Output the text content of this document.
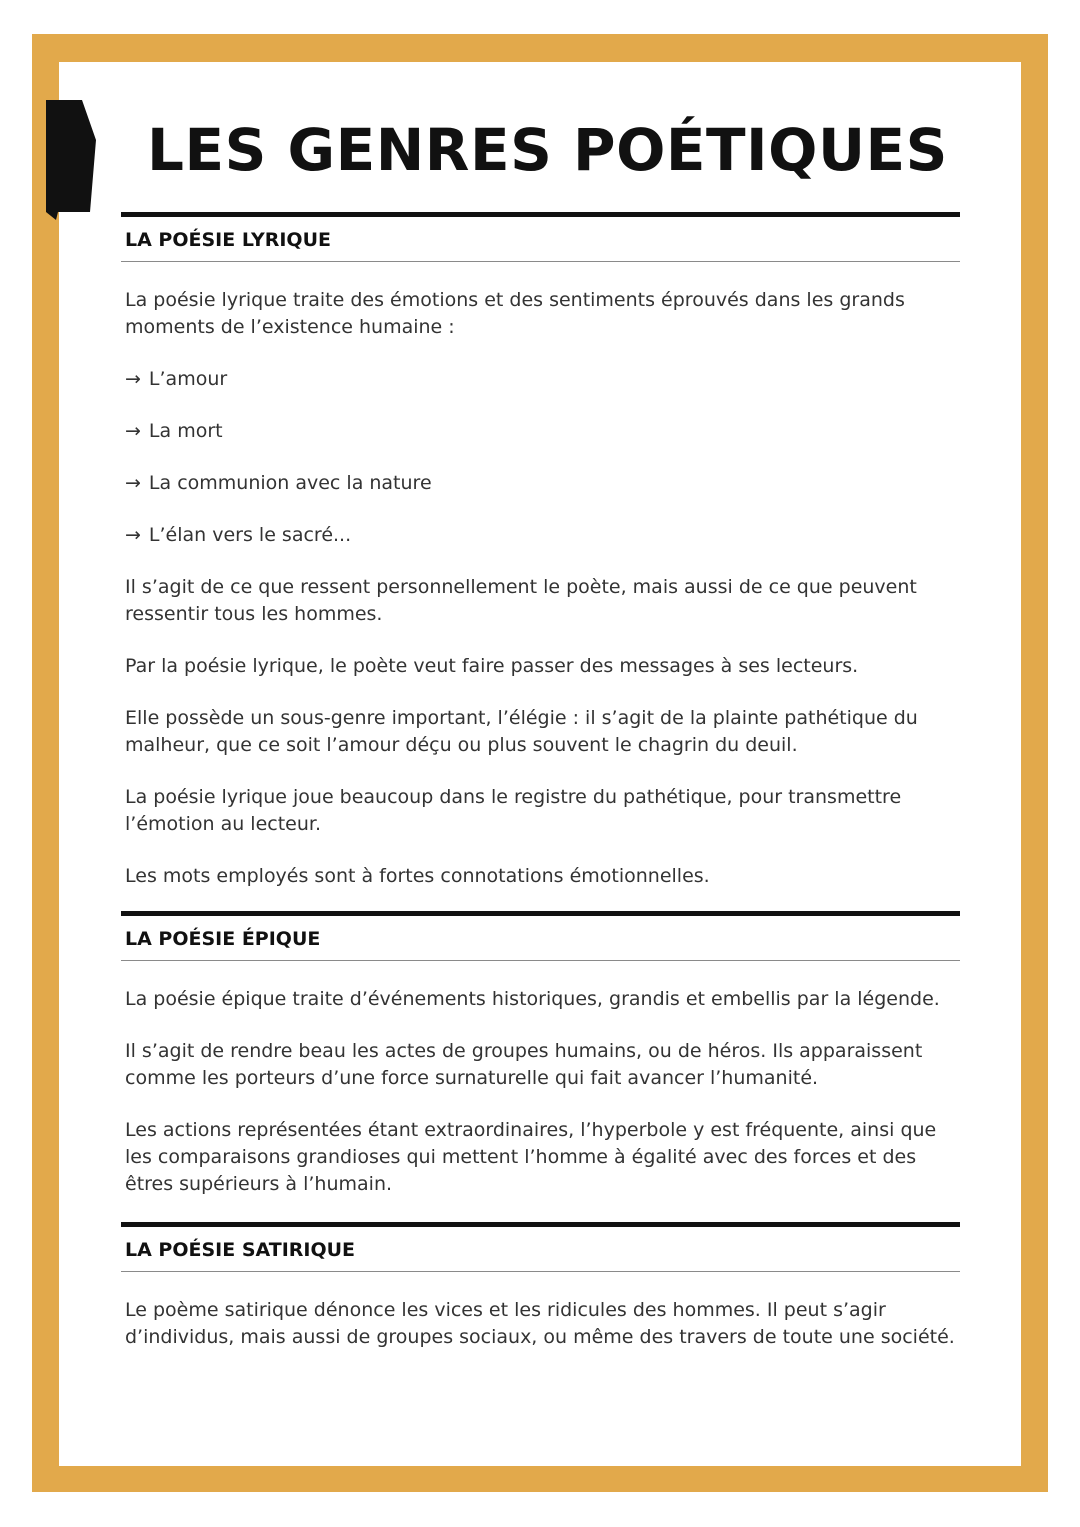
LES GENRES POÉTIQUES
LA POÉSIE LYRIQUE

La poésie lyrique traite des émotions et des sentiments éprouvés dans les grands moments de l’existence humaine :

→ L’amour

→ La mort

→ La communion avec la nature

→ L’élan vers le sacré...

Il s’agit de ce que ressent personnellement le poète, mais aussi de ce que peuvent ressentir tous les hommes.

Par la poésie lyrique, le poète veut faire passer des messages à ses lecteurs.

Elle possède un sous-genre important, l’élégie : il s’agit de la plainte pathétique du malheur, que ce soit l’amour déçu ou plus souvent le chagrin du deuil.

La poésie lyrique joue beaucoup dans le registre du pathétique, pour transmettre l’émotion au lecteur.

Les mots employés sont à fortes connotations émotionnelles.

LA POÉSIE ÉPIQUE

La poésie épique traite d’événements historiques, grandis et embellis par la légende.

Il s’agit de rendre beau les actes de groupes humains, ou de héros. Ils apparaissent comme les porteurs d’une force surnaturelle qui fait avancer l’humanité.

Les actions représentées étant extraordinaires, l’hyperbole y est fréquente, ainsi que les comparaisons grandioses qui mettent l’homme à égalité avec des forces et des êtres supérieurs à l’humain.

LA POÉSIE SATIRIQUE

Le poème satirique dénonce les vices et les ridicules des hommes. Il peut s’agir d’individus, mais aussi de groupes sociaux, ou même des travers de toute une société.
